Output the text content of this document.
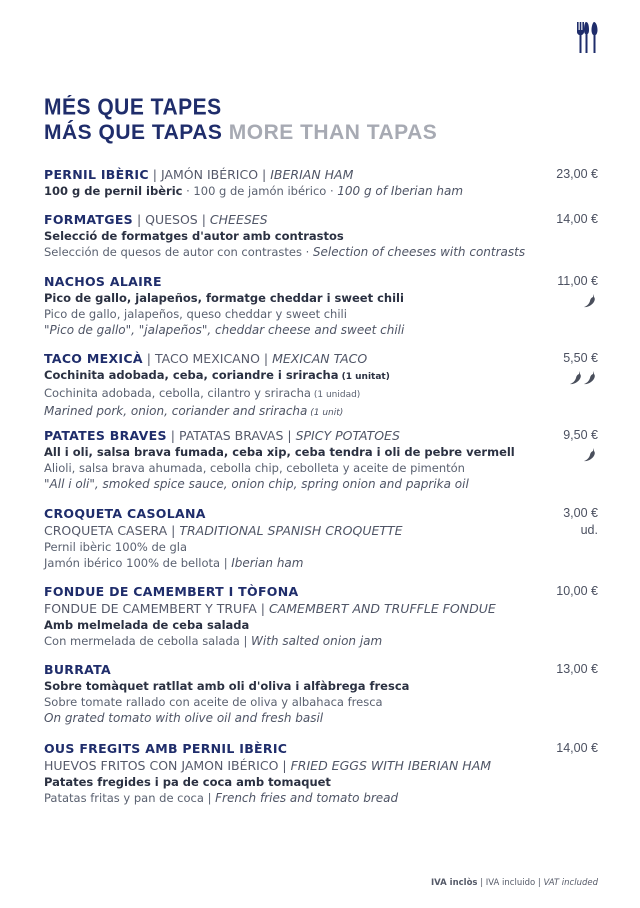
MÉS QUE TAPES
MÁS QUE TAPAS MORE THAN TAPAS
PERNIL IBÈRIC | JAMÓN IBÉRICO | IBERIAN HAM
100 g de pernil ibèric · 100 g de jamón ibérico · 100 g of Iberian ham
23,00 €
FORMATGES | QUESOS | CHEESES
Selecció de formatges d'autor amb contrastos
Selección de quesos de autor con contrastes · Selection of cheeses with contrasts
14,00 €
NACHOS ALAIRE
Pico de gallo, jalapeños, formatge cheddar i sweet chili
Pico de gallo, jalapeños, queso cheddar y sweet chili
"Pico de gallo", "jalapeños", cheddar cheese and sweet chili
11,00 €
TACO MEXICÀ | TACO MEXICANO | MEXICAN TACO
Cochinita adobada, ceba, coriandre i sriracha (1 unitat)
Cochinita adobada, cebolla, cilantro y sriracha (1 unidad)
Marined pork, onion, coriander and sriracha (1 unit)
5,50 €
PATATES BRAVES | PATATAS BRAVAS | SPICY POTATOES
All i oli, salsa brava fumada, ceba xip, ceba tendra i oli de pebre vermell
Alioli, salsa brava ahumada, cebolla chip, cebolleta y aceite de pimentón
"All i oli", smoked spice sauce, onion chip, spring onion and paprika oil
9,50 €
CROQUETA CASOLANA
CROQUETA CASERA | TRADITIONAL SPANISH CROQUETTE
Pernil ibèric 100% de gla
Jamón ibérico 100% de bellota | Iberian ham
3,00 €
ud.
FONDUE DE CAMEMBERT I TÒFONA
FONDUE DE CAMEMBERT Y TRUFA | CAMEMBERT AND TRUFFLE FONDUE
Amb melmelada de ceba salada
Con mermelada de cebolla salada | With salted onion jam
10,00 €
BURRATA
Sobre tomàquet ratllat amb oli d'oliva i alfàbrega fresca
Sobre tomate rallado con aceite de oliva y albahaca fresca
On grated tomato with olive oil and fresh basil
13,00 €
OUS FREGITS AMB PERNIL IBÈRIC
HUEVOS FRITOS CON JAMON IBÉRICO | FRIED EGGS WITH IBERIAN HAM
Patates fregides i pa de coca amb tomaquet
Patatas fritas y pan de coca | French fries and tomato bread
14,00 €
IVA inclòs | IVA incluido | VAT included
